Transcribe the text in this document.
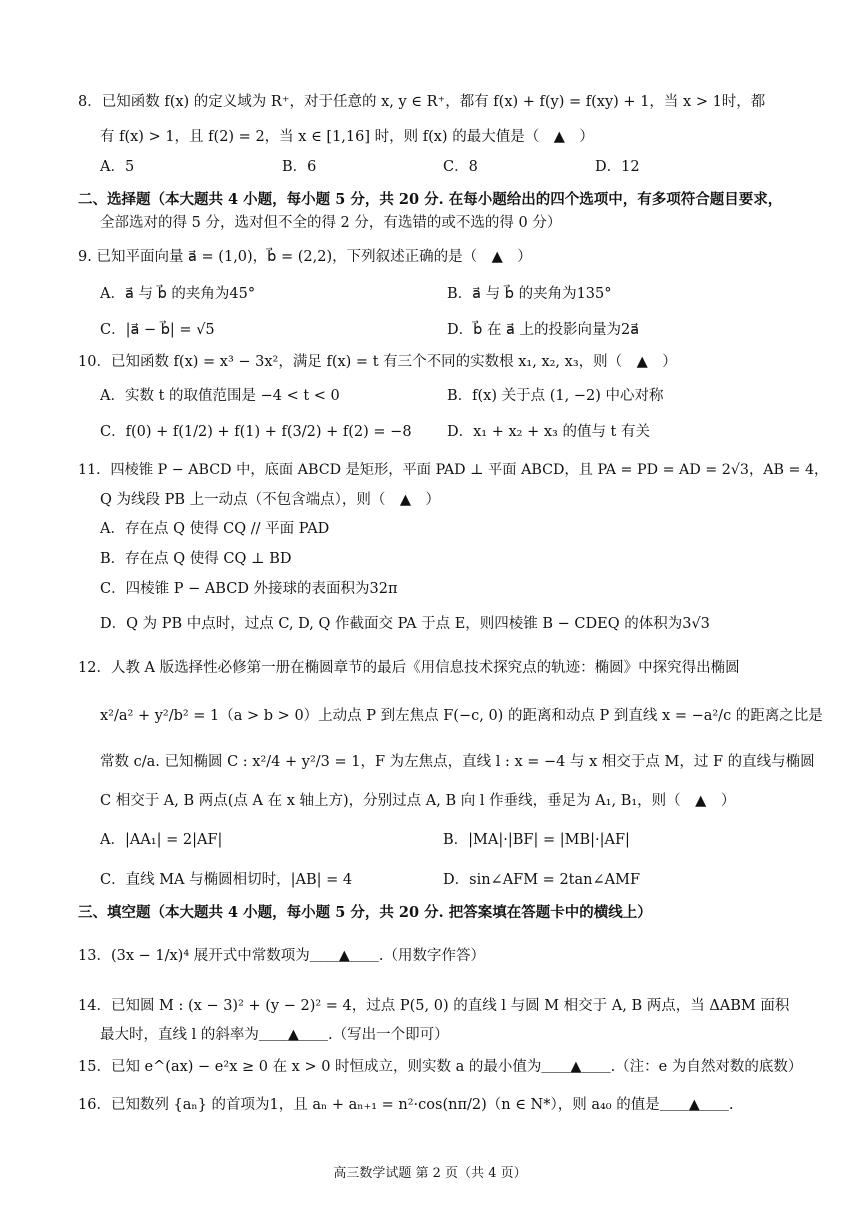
8．已知函数 f(x) 的定义域为 R⁺，对于任意的 x, y ∈ R⁺，都有 f(x) + f(y) = f(xy) + 1，当 x > 1时，都
有 f(x) > 1，且 f(2) = 2，当 x ∈ [1,16] 时，则 f(x) 的最大值是（　▲　）
A．5	B．6	C．8	D．12
二、选择题（本大题共 4 小题，每小题 5 分，共 20 分. 在每小题给出的四个选项中，有多项符合题目要求，
全部选对的得 5 分，选对但不全的得 2 分，有选错的或不选的得 0 分）
9. 已知平面向量 a⃗ = (1,0)，b⃗ = (2,2)，下列叙述正确的是（　▲　）
A．a⃗ 与 b⃗ 的夹角为45°	B．a⃗ 与 b⃗ 的夹角为135°
C．|a⃗ − b⃗| = √5	D．b⃗ 在 a⃗ 上的投影向量为2a⃗
10．已知函数 f(x) = x³ − 3x²，满足 f(x) = t 有三个不同的实数根 x₁, x₂, x₃，则（　▲　）
A．实数 t 的取值范围是 −4 < t < 0	B．f(x) 关于点 (1, −2) 中心对称
C．f(0) + f(1/2) + f(1) + f(3/2) + f(2) = −8 D．x₁ + x₂ + x₃ 的值与 t 有关
11．四棱锥 P − ABCD 中，底面 ABCD 是矩形，平面 PAD ⊥ 平面 ABCD，且 PA = PD = AD = 2√3，AB = 4，
Q 为线段 PB 上一动点（不包含端点），则（　▲　）
A．存在点 Q 使得 CQ // 平面 PAD
B．存在点 Q 使得 CQ ⊥ BD
C．四棱锥 P − ABCD 外接球的表面积为32π
D．Q 为 PB 中点时，过点 C, D, Q 作截面交 PA 于点 E，则四棱锥 B − CDEQ 的体积为3√3
12．人教 A 版选择性必修第一册在椭圆章节的最后《用信息技术探究点的轨迹：椭圆》中探究得出椭圆
x²/a² + y²/b² = 1（a > b > 0）上动点 P 到左焦点 F(−c, 0) 的距离和动点 P 到直线 x = −a²/c 的距离之比是
常数 c/a. 已知椭圆 C : x²/4 + y²/3 = 1，F 为左焦点，直线 l : x = −4 与 x 相交于点 M，过 F 的直线与椭圆
C 相交于 A, B 两点(点 A 在 x 轴上方)，分别过点 A, B 向 l 作垂线，垂足为 A₁, B₁，则（　▲　）
A．|AA₁| = 2|AF|	B．|MA|·|BF| = |MB|·|AF|
C．直线 MA 与椭圆相切时，|AB| = 4	D．sin∠AFM = 2tan∠AMF
三、填空题（本大题共 4 小题，每小题 5 分，共 20 分. 把答案填在答题卡中的横线上）
13．(3x − 1/x)⁴ 展开式中常数项为＿＿▲＿＿.（用数字作答）
14．已知圆 M : (x − 3)² + (y − 2)² = 4，过点 P(5, 0) 的直线 l 与圆 M 相交于 A, B 两点，当 ΔABM 面积
最大时，直线 l 的斜率为＿＿▲＿＿.（写出一个即可）
15．已知 e^(ax) − e²x ≥ 0 在 x > 0 时恒成立，则实数 a 的最小值为＿＿▲＿＿.（注：e 为自然对数的底数）
16．已知数列 {aₙ} 的首项为1，且 aₙ + aₙ₊₁ = n²·cos(nπ/2)（n ∈ N*），则 a₄₀ 的值是＿＿▲＿＿.
高三数学试题 第 2 页（共 4 页）
